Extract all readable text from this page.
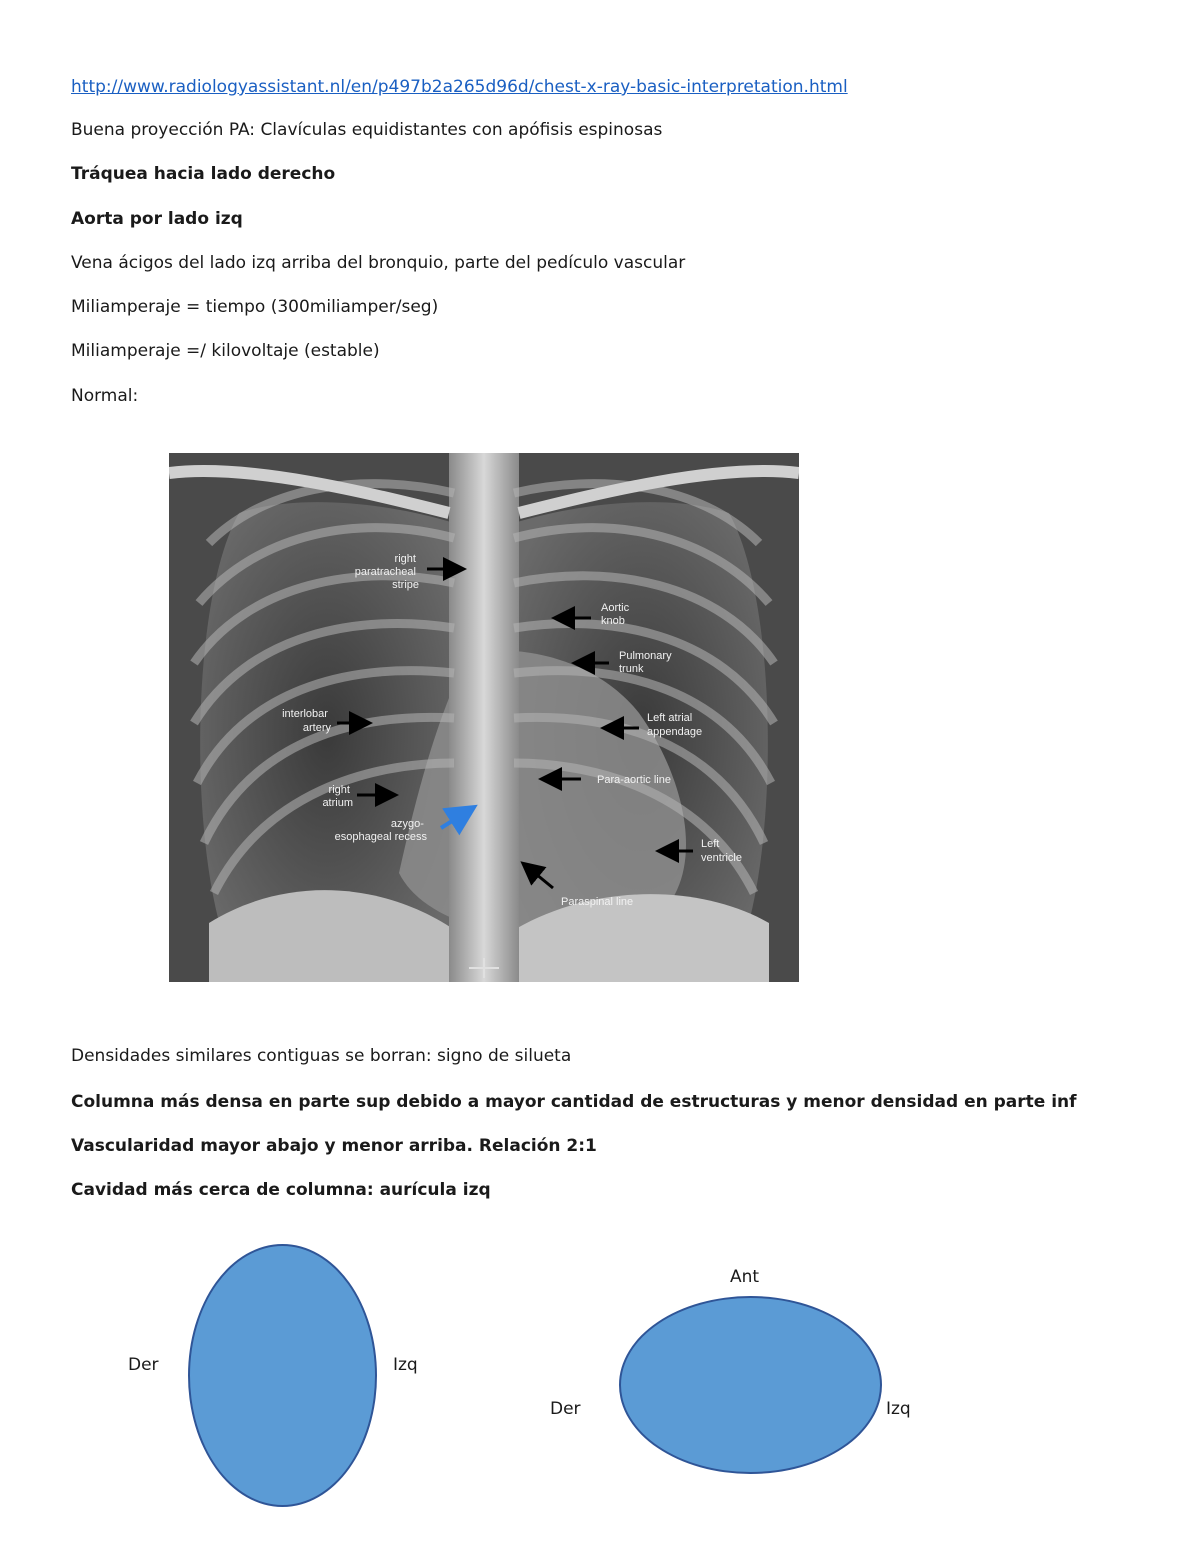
http://www.radiologyassistant.nl/en/p497b2a265d96d/chest-x-ray-basic-interpretation.html
Buena proyección PA: Clavículas equidistantes con apófisis espinosas
Tráquea hacia lado derecho
Aorta por lado izq
Vena ácigos del lado izq arriba del bronquio, parte del pedículo vascular
Miliamperaje = tiempo (300miliamper/seg)
Miliamperaje =/ kilovoltaje (estable)
Normal:
right paratracheal stripe
Aortic knob
Pulmonary trunk
interlobar artery
Left atrial appendage
Para-aortic line
right atrium
azygo- esophageal recess
Left ventricle
Paraspinal line
Densidades similares contiguas se borran: signo de silueta
Columna más densa en parte sup debido a mayor cantidad de estructuras y menor densidad en parte inf
Vascularidad mayor abajo y menor arriba. Relación 2:1
Cavidad más cerca de columna: aurícula izq
Der	Izq
Ant
Der	Izq
